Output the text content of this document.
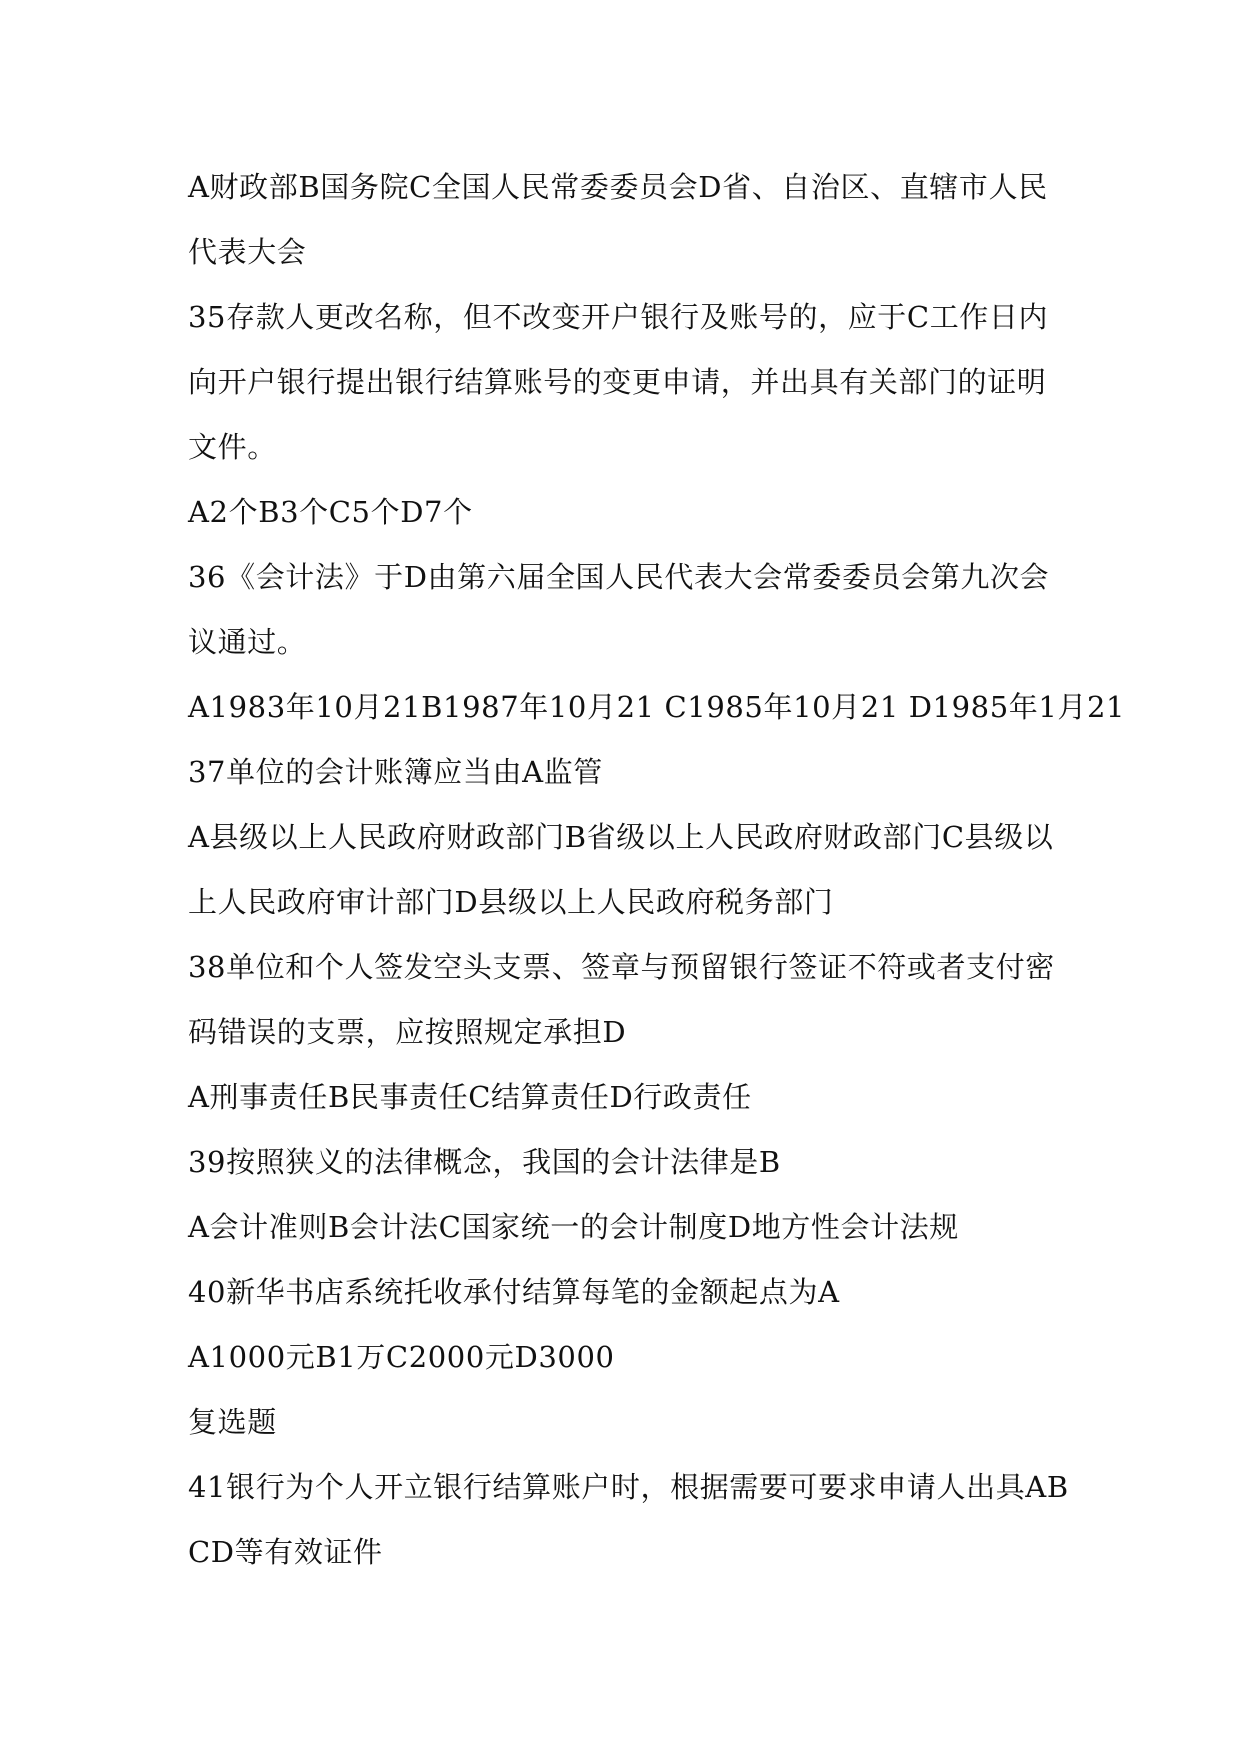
A财政部B国务院C全国人民常委委员会D省、自治区、直辖市人民
代表大会
35存款人更改名称，但不改变开户银行及账号的，应于C工作日内
向开户银行提出银行结算账号的变更申请，并出具有关部门的证明
文件。
A2个B3个C5个D7个
36《会计法》于D由第六届全国人民代表大会常委委员会第九次会
议通过。
A1983年10月21B1987年10月21 C1985年10月21 D1985年1月21
37单位的会计账簿应当由A监管
A县级以上人民政府财政部门B省级以上人民政府财政部门C县级以
上人民政府审计部门D县级以上人民政府税务部门
38单位和个人签发空头支票、签章与预留银行签证不符或者支付密
码错误的支票，应按照规定承担D
A刑事责任B民事责任C结算责任D行政责任
39按照狭义的法律概念，我国的会计法律是B
A会计准则B会计法C国家统一的会计制度D地方性会计法规
40新华书店系统托收承付结算每笔的金额起点为A
A1000元B1万C2000元D3000
复选题
41银行为个人开立银行结算账户时，根据需要可要求申请人出具AB
CD等有效证件
